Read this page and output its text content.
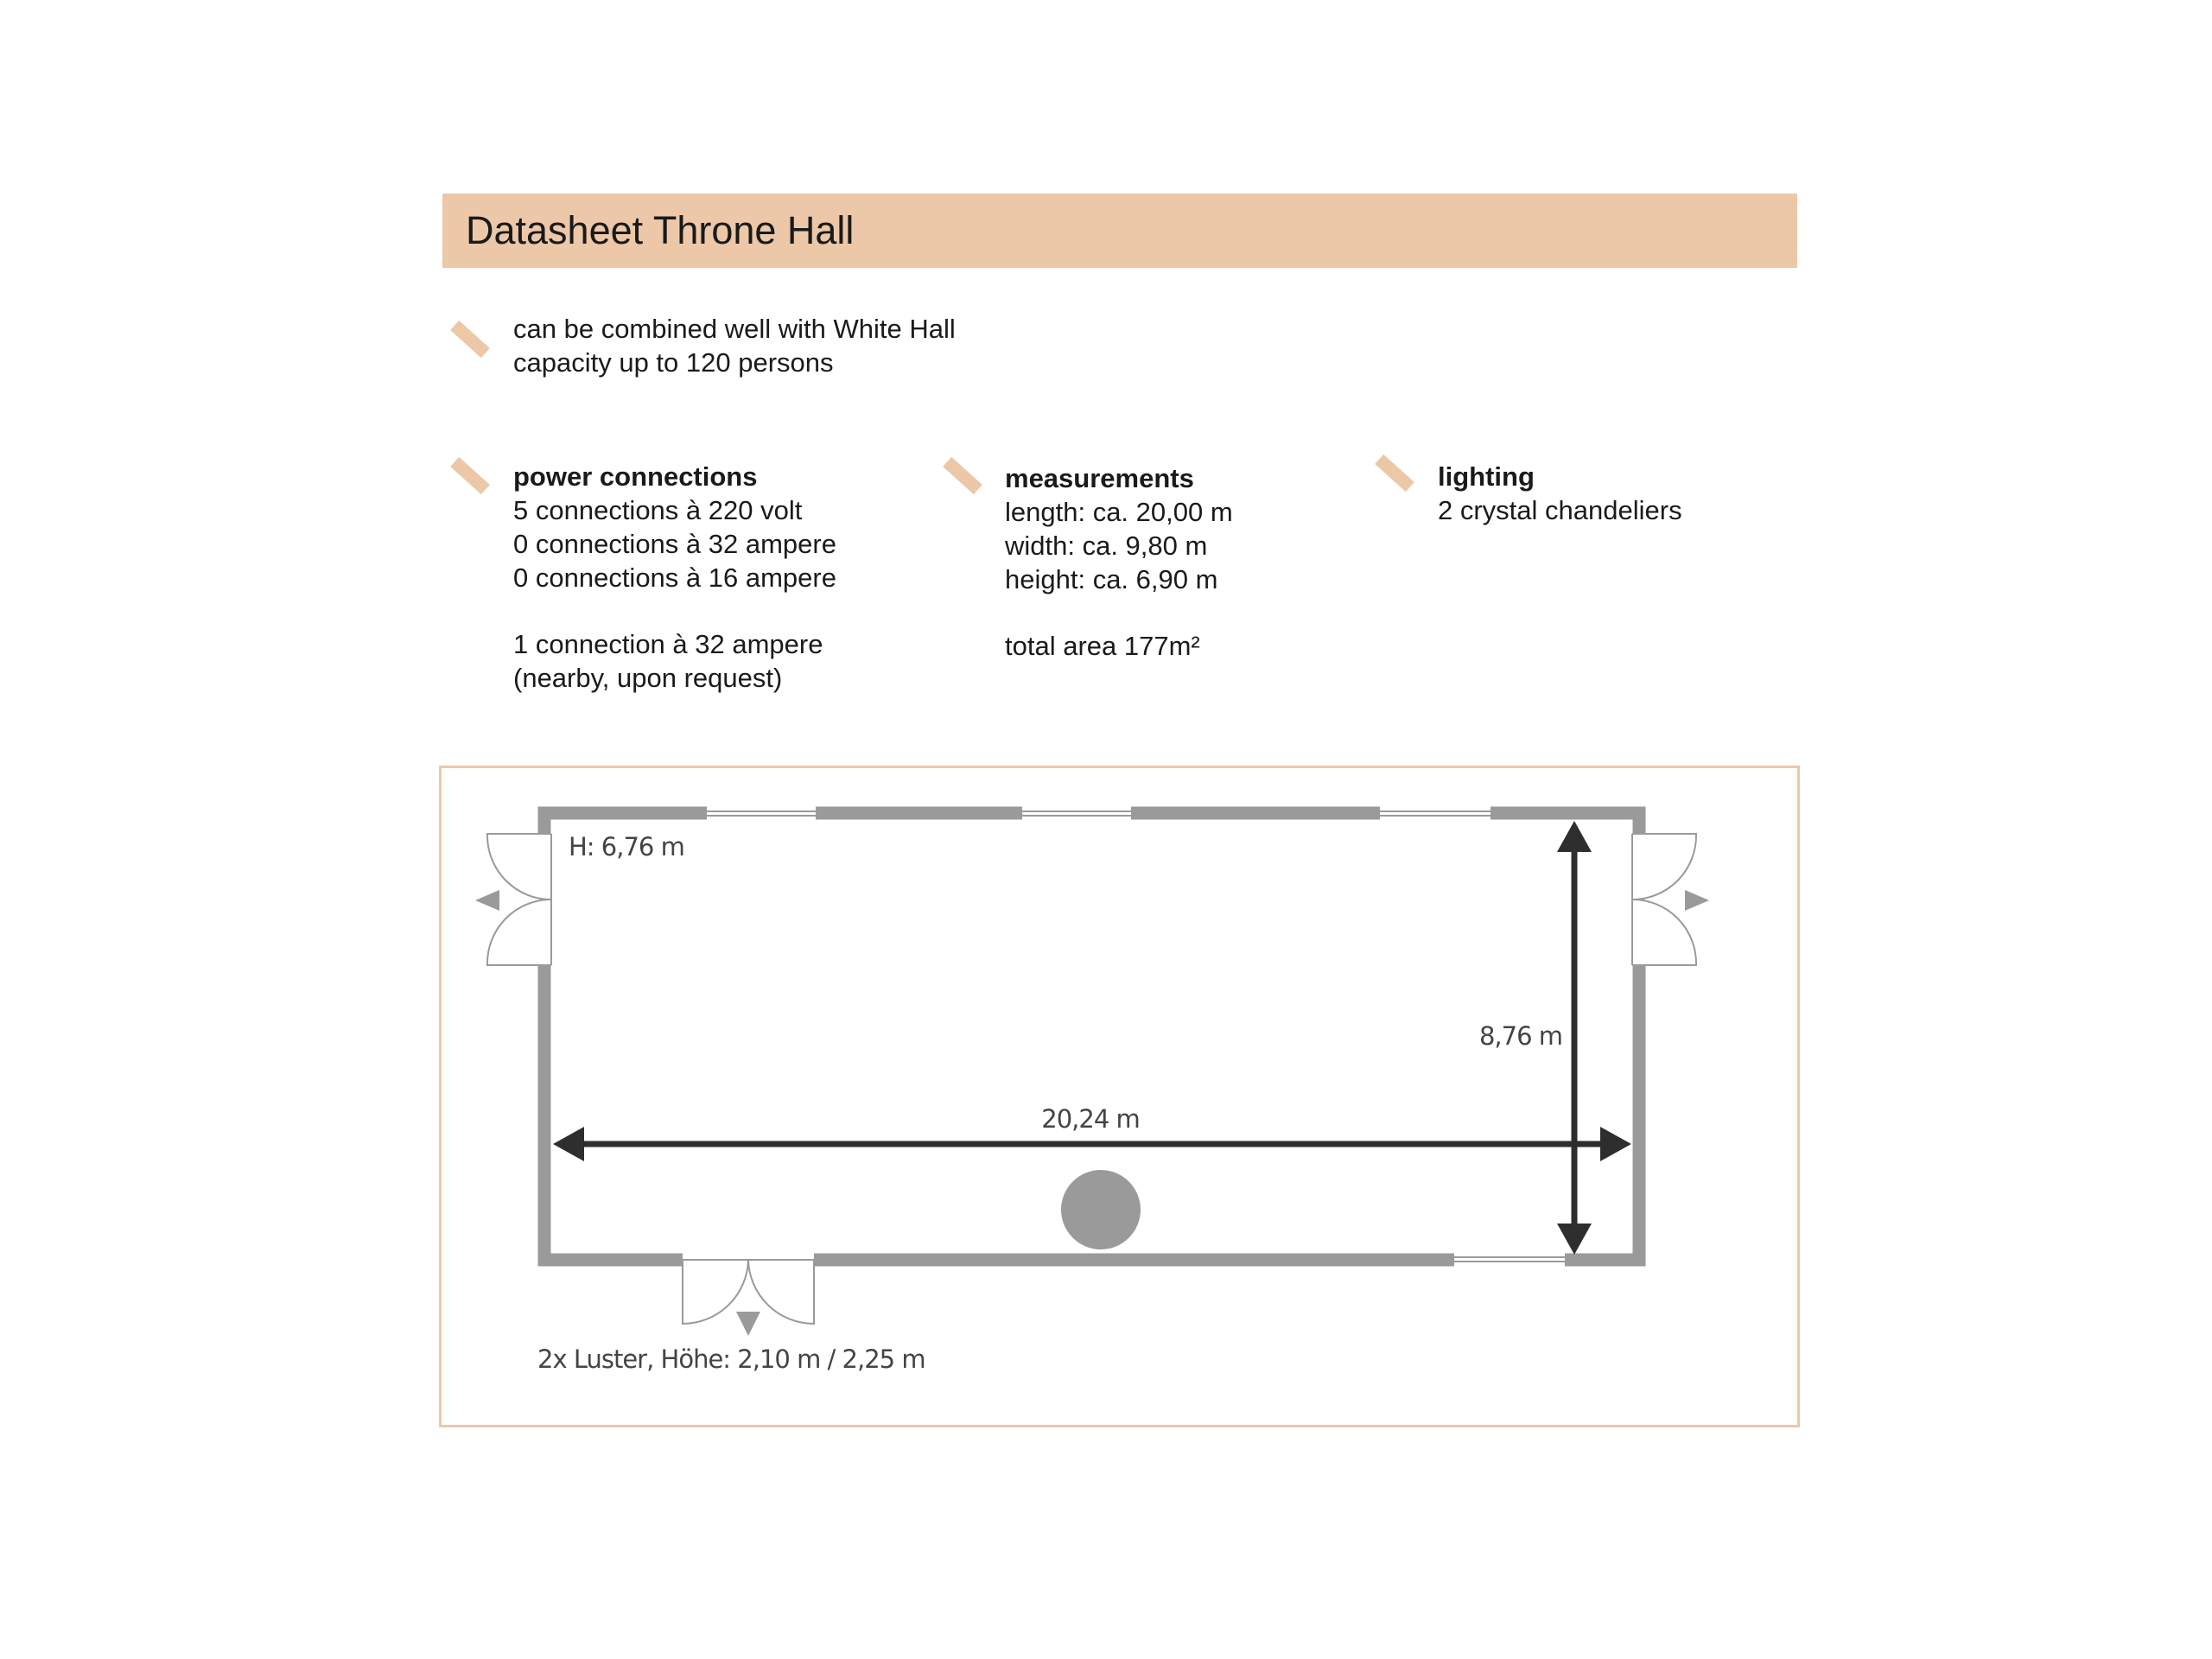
Datasheet Throne Hall
can be combined well with White Hall
capacity up to 120 persons
power connections
5 connections à 220 volt
0 connections à 32 ampere
0 connections à 16 ampere
1 connection à 32 ampere
(nearby, upon request)
measurements
length: ca. 20,00 m
width: ca. 9,80 m
height: ca. 6,90 m
total area 177m²
lighting
2 crystal chandeliers
H: 6,76 m
8,76 m
20,24 m
2x Luster, Höhe: 2,10 m / 2,25 m
